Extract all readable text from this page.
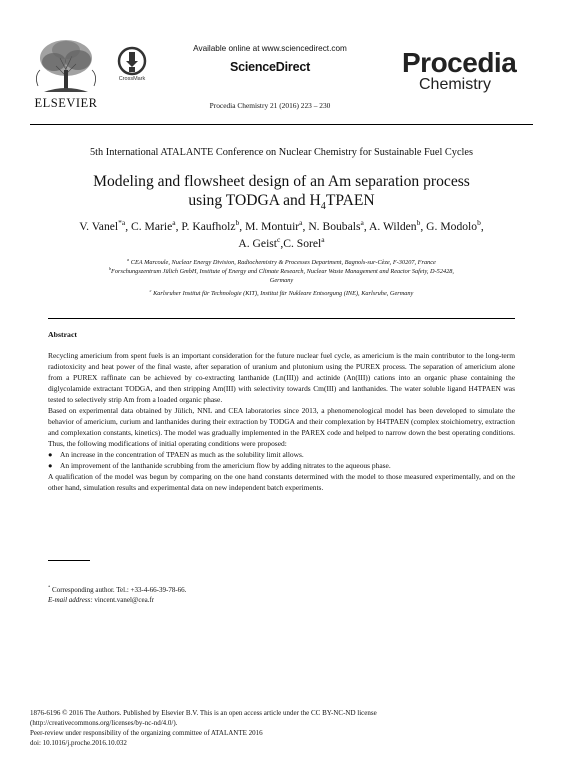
ELSEVIER
CrossMark
Available online at www.sciencedirect.com
ScienceDirect
Procedia Chemistry 21 (2016) 223 – 230
Procedia
Chemistry
5th International ATALANTE Conference on Nuclear Chemistry for Sustainable Fuel Cycles
Modeling and flowsheet design of an Am separation process
using TODGA and $H_4TPAEN$
V. Vanel$^{*a}$, C. Marie$^a$, P. Kaufholz$^b$, M. Montuir$^a$, N. Boubals$^a$, A. Wilden$^b$, G. Modolo$^b$,
A. Geist$^c$,C. Sorel$^a$
$^a$ CEA Marcoule, Nuclear Energy Division, Radiochemistry & Processes Department, Bagnols-sur-Cèze, F-30207, France
$^b$Forschungszentrum Jülich GmbH, Institute of Energy and Climate Research, Nuclear Waste Management and Reactor Safety, D-52428,
Germany
$^c$ Karlsruher Institut für Technologie (KIT), Institut für Nukleare Entsorgung (INE), Karlsruhe, Germany
Abstract

Recycling americium from spent fuels is an important consideration for the future nuclear fuel cycle, as americium is the main contributor to the long-term radiotoxicity and heat power of the final waste, after separation of uranium and plutonium using the PUREX process. The separation of americium alone from a PUREX raffinate can be achieved by co-extracting lanthanide (Ln(III)) and actinide (An(III)) cations into an organic phase containing the diglycolamide extractant TODGA, and then stripping Am(III) with selectivity towards Cm(III) and lanthanides. The water soluble ligand H4TPAEN was tested to selectively strip Am from a loaded organic phase.

Based on experimental data obtained by Jülich, NNL and CEA laboratories since 2013, a phenomenological model has been developed to simulate the behavior of americium, curium and lanthanides during their extraction by TODGA and their complexation by H4TPAEN (complex stoichiometry, extraction and complexation constants, kinetics). The model was gradually implemented in the PAREX code and helped to narrow down the best operating conditions. Thus, the following modifications of initial operating conditions were proposed:

●	An increase in the concentration of TPAEN as much as the solubility limit allows.
●	An improvement of the lanthanide scrubbing from the americium flow by adding nitrates to the aqueous phase.

A qualification of the model was begun by comparing on the one hand constants determined with the model to those measured experimentally, and on the other hand, simulation results and experimental data on new independent batch experiments.

* Corresponding author. Tel.: +33-4-66-39-78-66.
E-mail address: vincent.vanel@cea.fr
1876-6196 © 2016 The Authors. Published by Elsevier B.V. This is an open access article under the CC BY-NC-ND license
(http://creativecommons.org/licenses/by-nc-nd/4.0/).
Peer-review under responsibility of the organizing committee of ATALANTE 2016
doi: 10.1016/j.proche.2016.10.032
